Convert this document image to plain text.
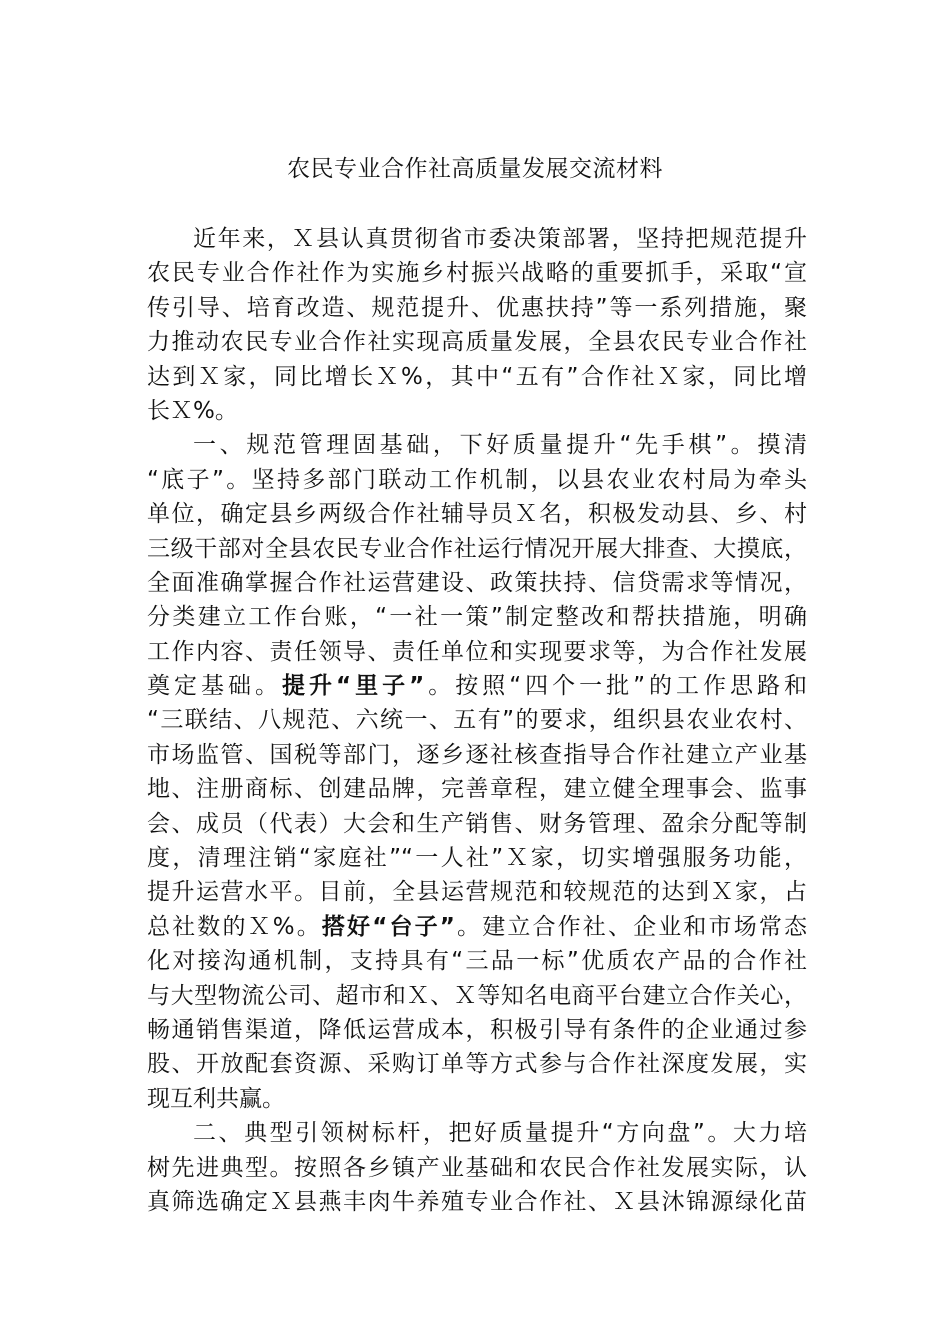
农民专业合作社高质量发展交流材料
近年来，Ｘ县认真贯彻省市委决策部署，坚持把规范提升
农民专业合作社作为实施乡村振兴战略的重要抓手，采取“宣
传引导、培育改造、规范提升、优惠扶持”等一系列措施，聚
力推动农民专业合作社实现高质量发展，全县农民专业合作社
达到Ｘ家，同比增长Ｘ%，其中“五有”合作社Ｘ家，同比增
长Ｘ%。
一、规范管理固基础，下好质量提升“先手棋”。摸清
“底子”。坚持多部门联动工作机制，以县农业农村局为牵头
单位，确定县乡两级合作社辅导员Ｘ名，积极发动县、乡、村
三级干部对全县农民专业合作社运行情况开展大排查、大摸底，
全面准确掌握合作社运营建设、政策扶持、信贷需求等情况，
分类建立工作台账，“一社一策”制定整改和帮扶措施，明确
工作内容、责任领导、责任单位和实现要求等，为合作社发展
奠定基础。提升“里子”。按照“四个一批”的工作思路和
“三联结、八规范、六统一、五有”的要求，组织县农业农村、
市场监管、国税等部门，逐乡逐社核查指导合作社建立产业基
地、注册商标、创建品牌，完善章程，建立健全理事会、监事
会、成员（代表）大会和生产销售、财务管理、盈余分配等制
度，清理注销“家庭社”“一人社”Ｘ家，切实增强服务功能，
提升运营水平。目前，全县运营规范和较规范的达到Ｘ家，占
总社数的Ｘ%。搭好“台子”。建立合作社、企业和市场常态
化对接沟通机制，支持具有“三品一标”优质农产品的合作社
与大型物流公司、超市和Ｘ、Ｘ等知名电商平台建立合作关心，
畅通销售渠道，降低运营成本，积极引导有条件的企业通过参
股、开放配套资源、采购订单等方式参与合作社深度发展，实
现互利共赢。
二、典型引领树标杆，把好质量提升“方向盘”。大力培
树先进典型。按照各乡镇产业基础和农民合作社发展实际，认
真筛选确定Ｘ县燕丰肉牛养殖专业合作社、Ｘ县沐锦源绿化苗
